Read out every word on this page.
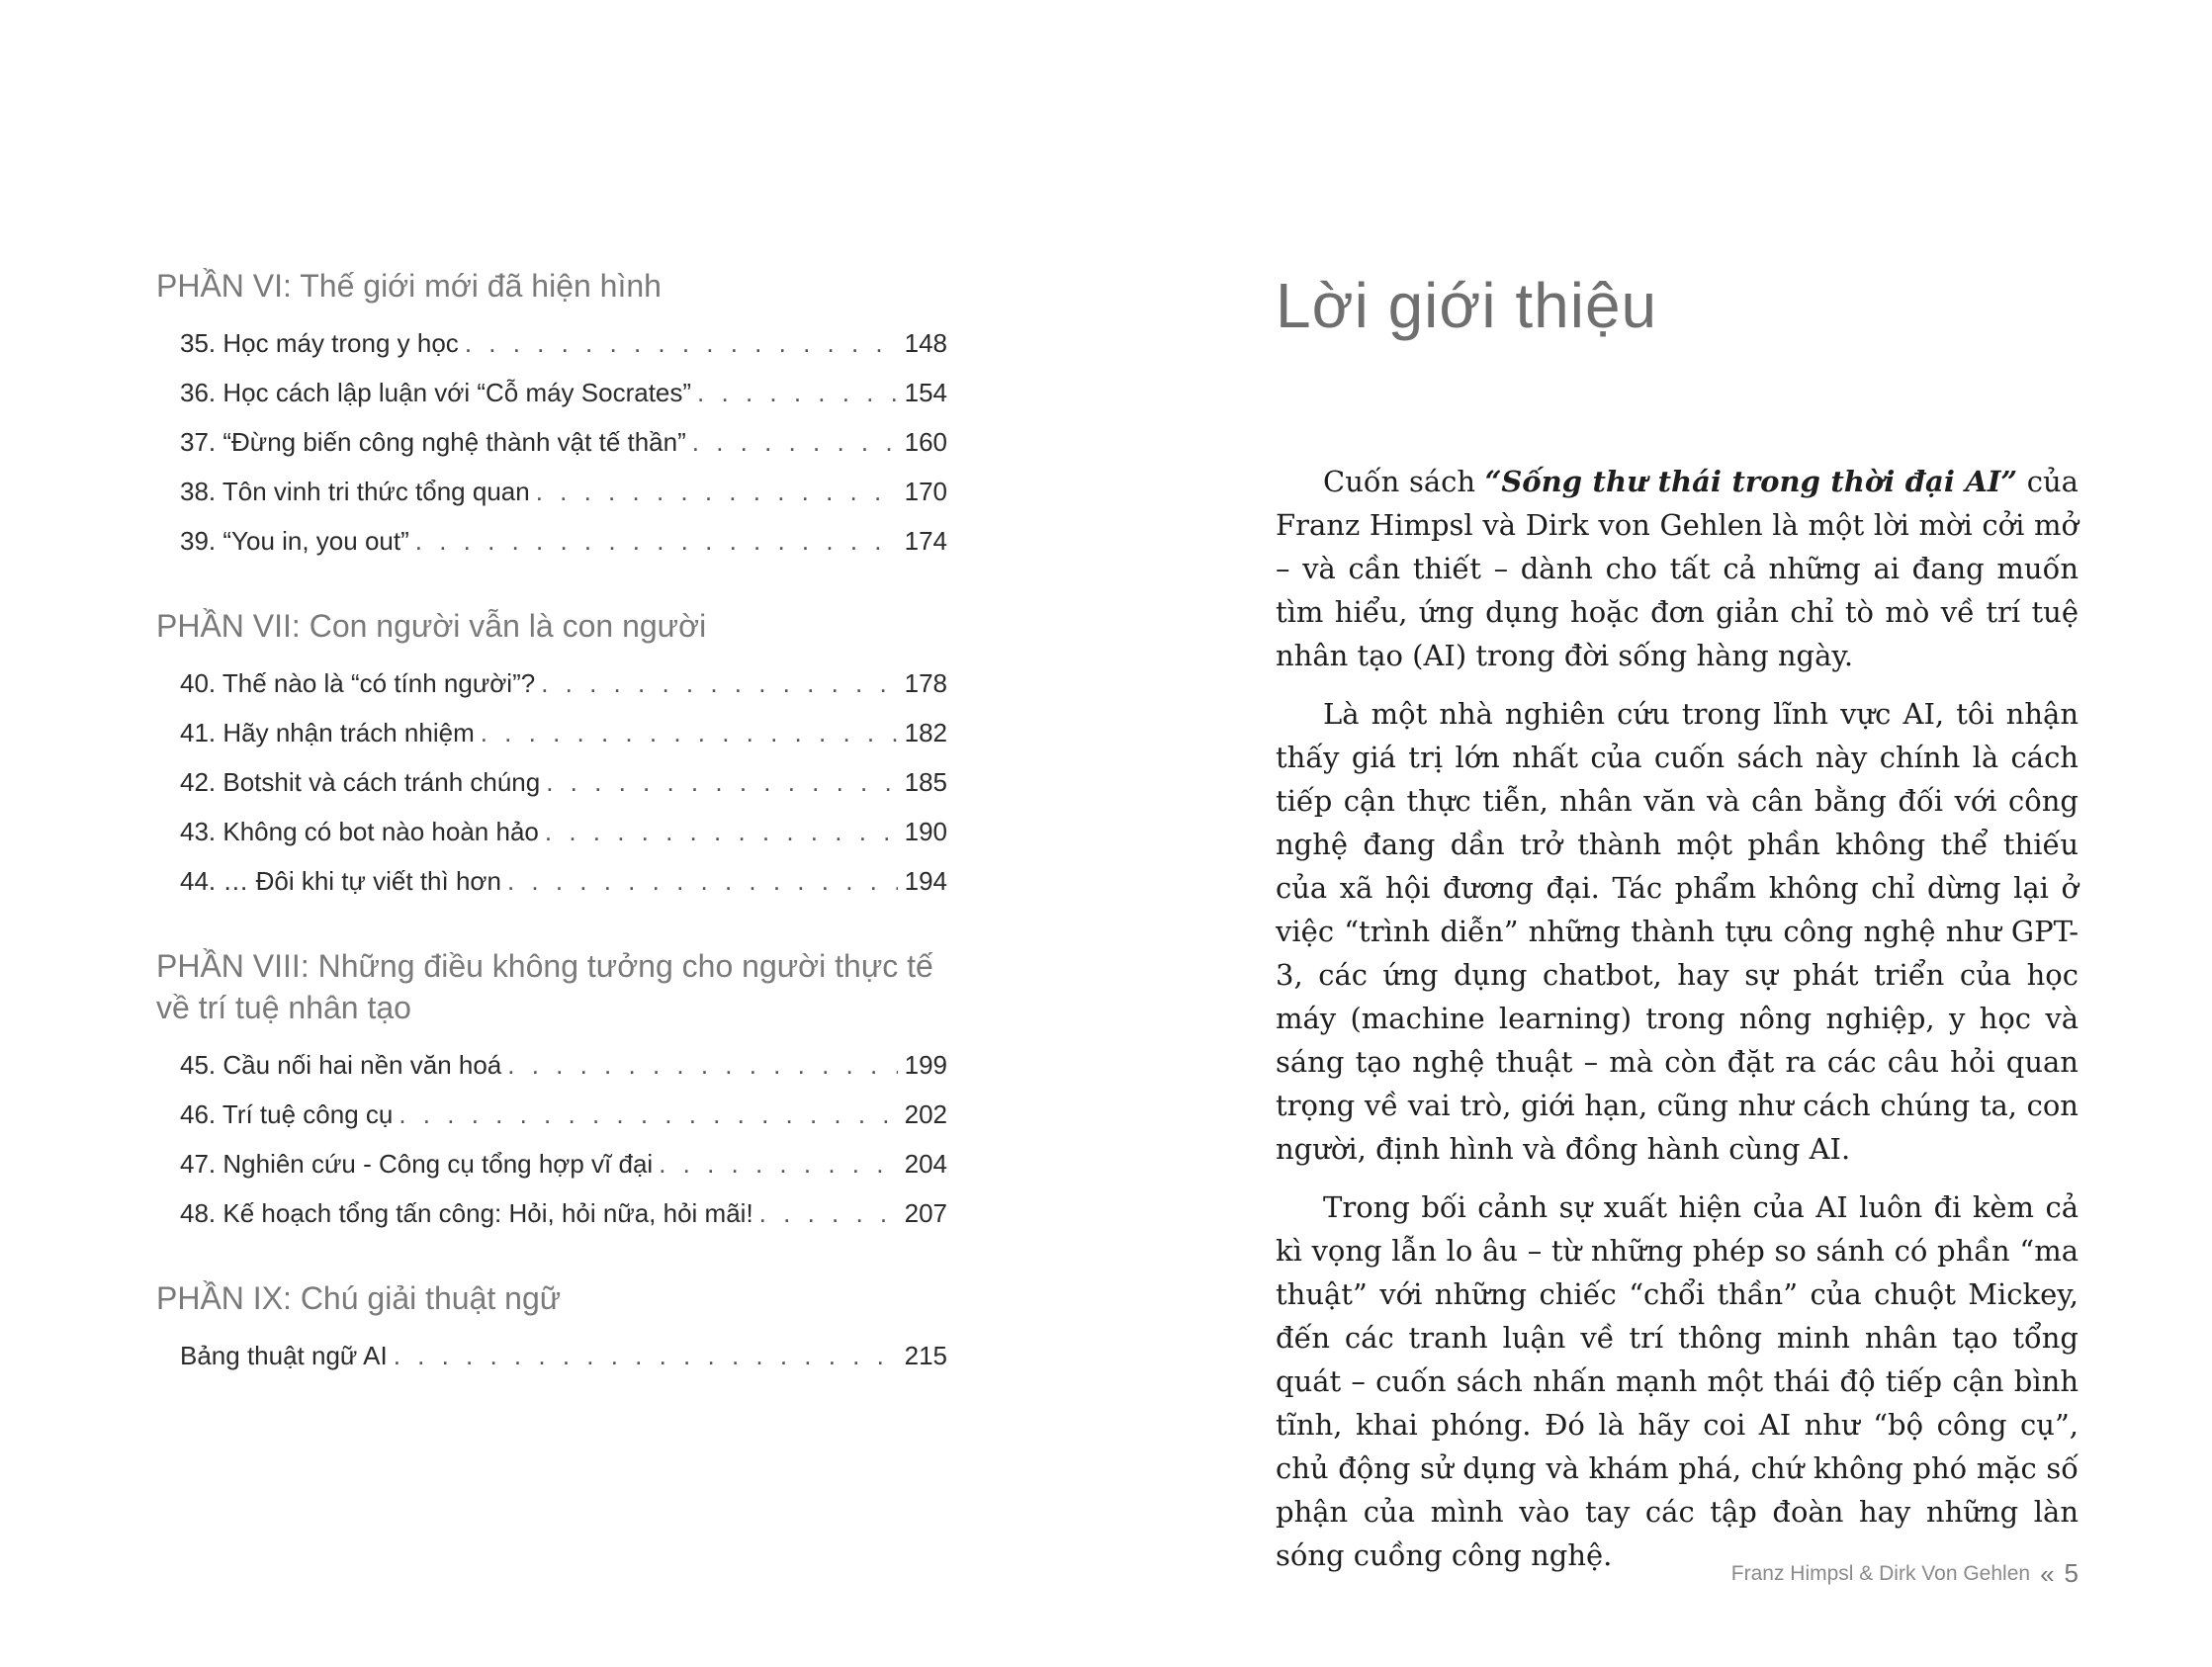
PHẦN VI: Thế giới mới đã hiện hình
35. Học máy trong y học . . .	148
36. Học cách lập luận với “Cỗ máy Socrates” . . .	154
37. “Đừng biến công nghệ thành vật tế thần” . . .	160
38. Tôn vinh tri thức tổng quan . . .	170
39. “You in, you out” . . .	174
PHẦN VII: Con người vẫn là con người
40. Thế nào là “có tính người”? . . .	178
41. Hãy nhận trách nhiệm . . .	182
42. Botshit và cách tránh chúng . . .	185
43. Không có bot nào hoàn hảo . . .	190
44. … Đôi khi tự viết thì hơn . . .	194
PHẦN VIII: Những điều không tưởng cho người thực tế
về trí tuệ nhân tạo
45. Cầu nối hai nền văn hoá . . .	199
46. Trí tuệ công cụ . . .	202
47. Nghiên cứu - Công cụ tổng hợp vĩ đại . . .	204
48. Kế hoạch tổng tấn công: Hỏi, hỏi nữa, hỏi mãi! . . .	207
PHẦN IX: Chú giải thuật ngữ
Bảng thuật ngữ AI . . .	215
Lời giới thiệu

Cuốn sách “Sống thư thái trong thời đại AI” của Franz Himpsl và Dirk von Gehlen là một lời mời cởi mở – và cần thiết – dành cho tất cả những ai đang muốn tìm hiểu, ứng dụng hoặc đơn giản chỉ tò mò về trí tuệ nhân tạo (AI) trong đời sống hàng ngày.

Là một nhà nghiên cứu trong lĩnh vực AI, tôi nhận thấy giá trị lớn nhất của cuốn sách này chính là cách tiếp cận thực tiễn, nhân văn và cân bằng đối với công nghệ đang dần trở thành một phần không thể thiếu của xã hội đương đại. Tác phẩm không chỉ dừng lại ở việc “trình diễn” những thành tựu công nghệ như GPT-3, các ứng dụng chatbot, hay sự phát triển của học máy (machine learning) trong nông nghiệp, y học và sáng tạo nghệ thuật – mà còn đặt ra các câu hỏi quan trọng về vai trò, giới hạn, cũng như cách chúng ta, con người, định hình và đồng hành cùng AI.

Trong bối cảnh sự xuất hiện của AI luôn đi kèm cả kì vọng lẫn lo âu – từ những phép so sánh có phần “ma thuật” với những chiếc “chổi thần” của chuột Mickey, đến các tranh luận về trí thông minh nhân tạo tổng quát – cuốn sách nhấn mạnh một thái độ tiếp cận bình tĩnh, khai phóng. Đó là hãy coi AI như “bộ công cụ”, chủ động sử dụng và khám phá, chứ không phó mặc số phận của mình vào tay các tập đoàn hay những làn sóng cuồng công nghệ.

Franz Himpsl & Dirk Von Gehlen « 5
